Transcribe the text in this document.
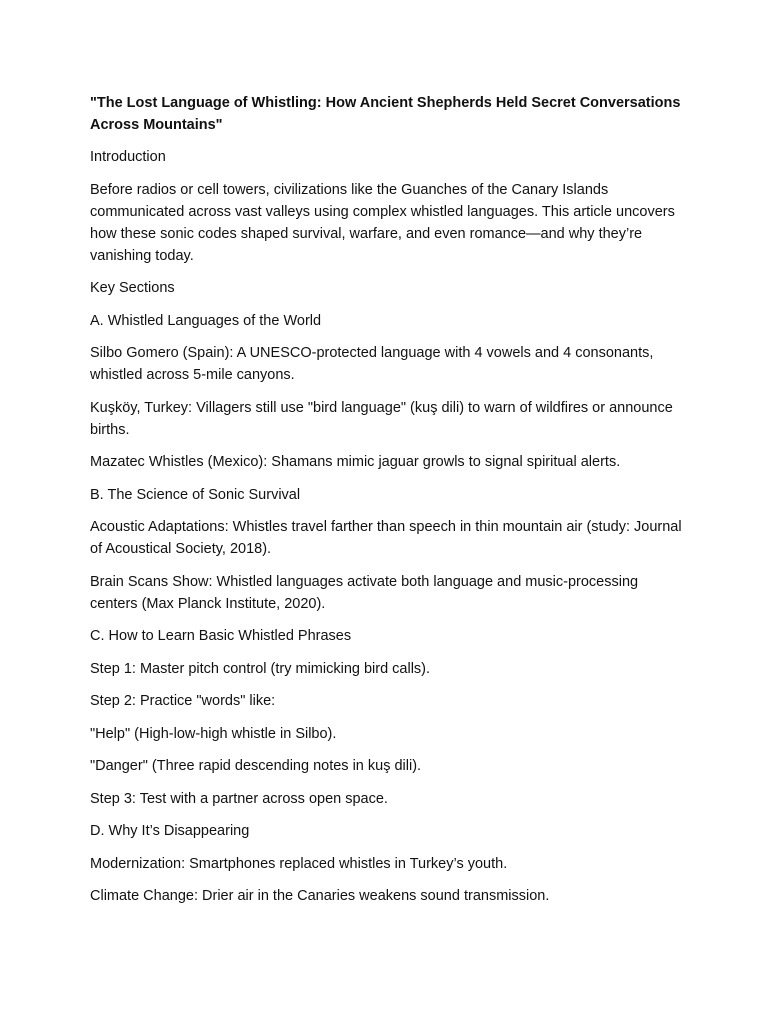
"The Lost Language of Whistling: How Ancient Shepherds Held Secret Conversations Across Mountains"

Introduction

Before radios or cell towers, civilizations like the Guanches of the Canary Islands communicated across vast valleys using complex whistled languages. This article uncovers how these sonic codes shaped survival, warfare, and even romance—and why they’re vanishing today.

Key Sections

A. Whistled Languages of the World

Silbo Gomero (Spain): A UNESCO-protected language with 4 vowels and 4 consonants, whistled across 5-mile canyons.

Kuşköy, Turkey: Villagers still use "bird language" (kuş dili) to warn of wildfires or announce births.

Mazatec Whistles (Mexico): Shamans mimic jaguar growls to signal spiritual alerts.

B. The Science of Sonic Survival

Acoustic Adaptations: Whistles travel farther than speech in thin mountain air (study: Journal of Acoustical Society, 2018).

Brain Scans Show: Whistled languages activate both language and music-processing centers (Max Planck Institute, 2020).

C. How to Learn Basic Whistled Phrases

Step 1: Master pitch control (try mimicking bird calls).

Step 2: Practice "words" like:

"Help" (High-low-high whistle in Silbo).

"Danger" (Three rapid descending notes in kuş dili).

Step 3: Test with a partner across open space.

D. Why It’s Disappearing

Modernization: Smartphones replaced whistles in Turkey’s youth.

Climate Change: Drier air in the Canaries weakens sound transmission.
